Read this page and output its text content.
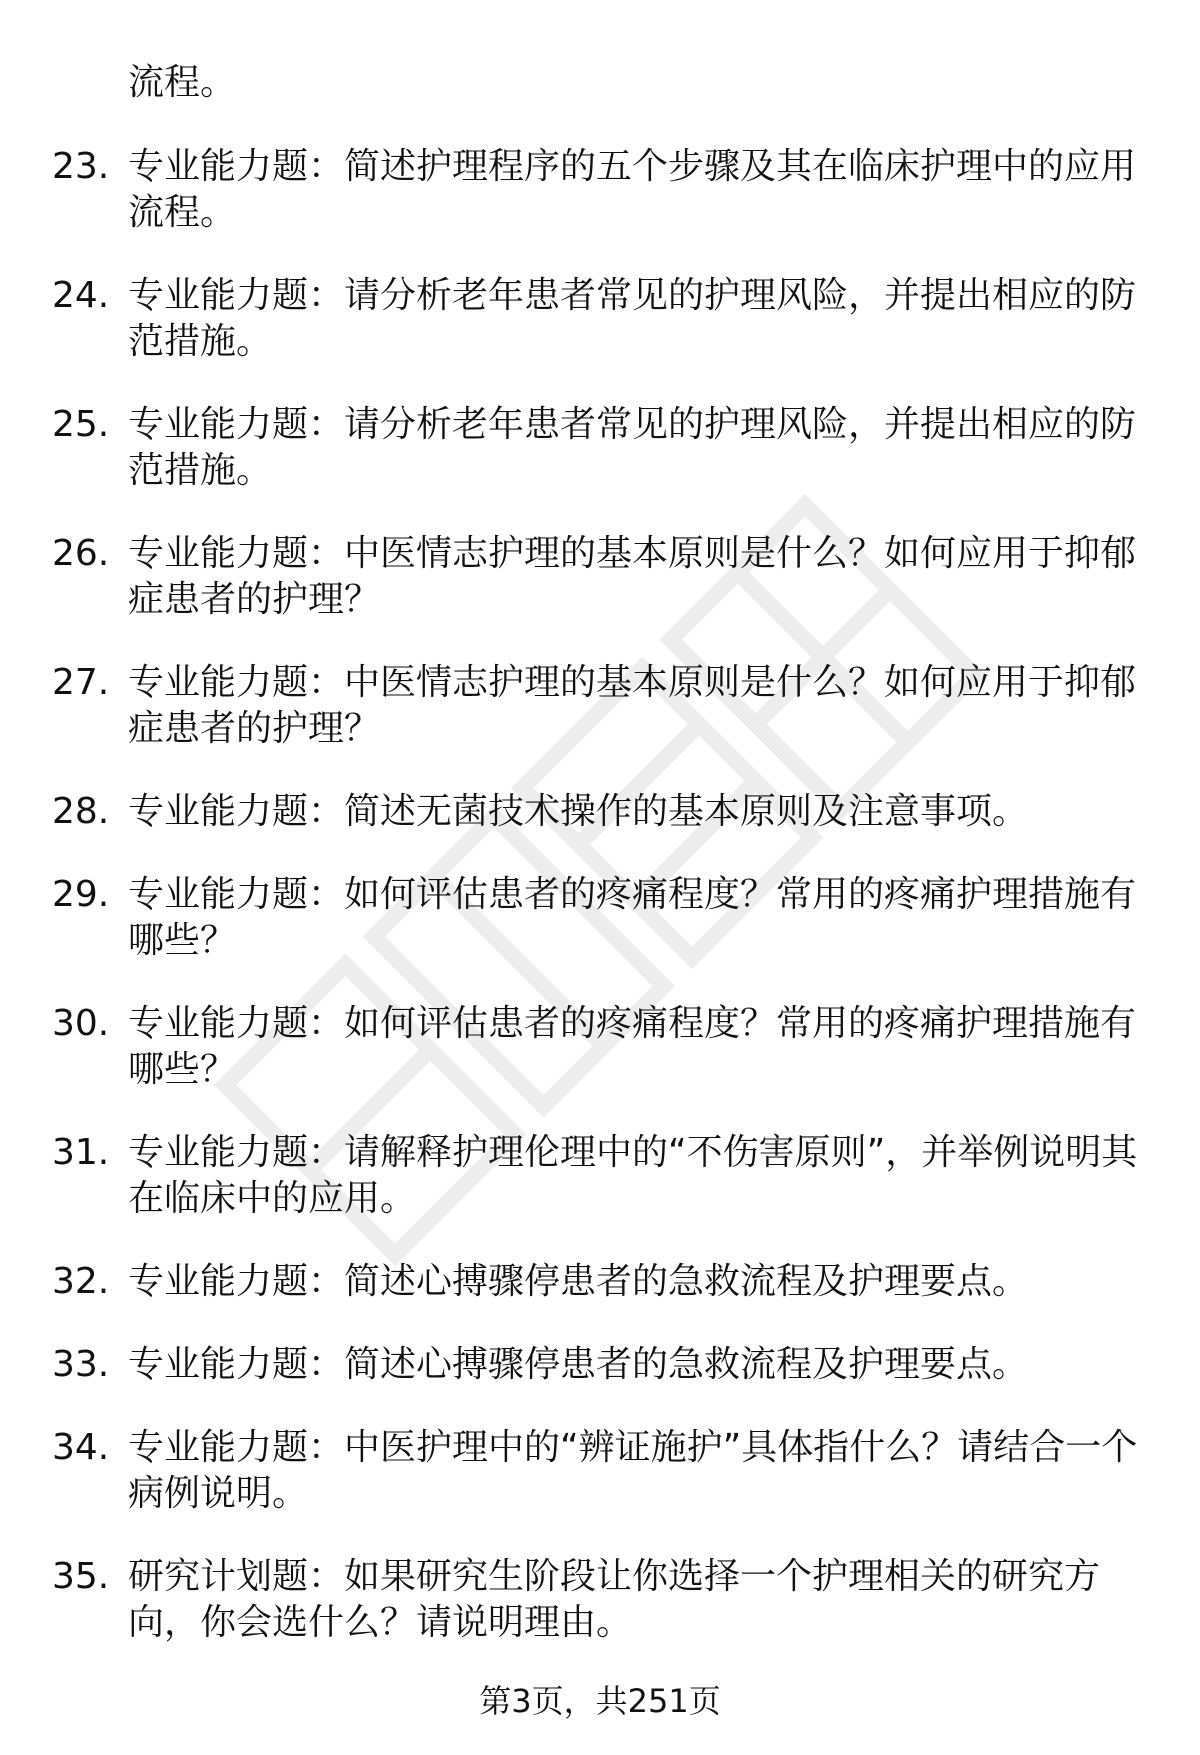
流程。

23. 专业能力题：简述护理程序的五个步骤及其在临床护理中的应用流程。
24. 专业能力题：请分析老年患者常见的护理风险，并提出相应的防范措施。
25. 专业能力题：请分析老年患者常见的护理风险，并提出相应的防范措施。
26. 专业能力题：中医情志护理的基本原则是什么？如何应用于抑郁症患者的护理？
27. 专业能力题：中医情志护理的基本原则是什么？如何应用于抑郁症患者的护理？
28. 专业能力题：简述无菌技术操作的基本原则及注意事项。
29. 专业能力题：如何评估患者的疼痛程度？常用的疼痛护理措施有哪些？
30. 专业能力题：如何评估患者的疼痛程度？常用的疼痛护理措施有哪些？
31. 专业能力题：请解释护理伦理中的“不伤害原则”，并举例说明其在临床中的应用。
32. 专业能力题：简述心搏骤停患者的急救流程及护理要点。
33. 专业能力题：简述心搏骤停患者的急救流程及护理要点。
34. 专业能力题：中医护理中的“辨证施护”具体指什么？请结合一个病例说明。
35. 研究计划题：如果研究生阶段让你选择一个护理相关的研究方向，你会选什么？请说明理由。
第3页，共251页
